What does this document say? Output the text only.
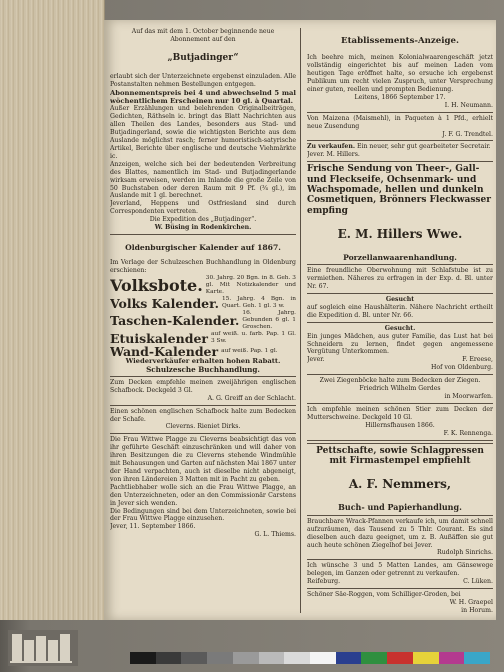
Auf das mit dem 1. October beginnende neue

Abonnement auf den

„Butjadinger“

erlaubt sich der Unterzeichnete ergebenst einzuladen. Alle Postanstalten nehmen Bestellungen entgegen.

Abonnementspreis bei 4 und abwechselnd 5 mal wöchentlichem Erscheinen nur 10 gl. à Quartal.

Außer Erzählungen und belehrenden Originalbeiträgen, Gedichten, Räthseln ic. bringt das Blatt Nachrichten aus allen Theilen des Landes, besonders aus Stad- und Butjadingerland, sowie die wichtigsten Berichte aus dem Auslande möglichst rasch; ferner humoristisch-satyrische Artikel, Berichte über englische und deutsche Viehmärkte ic.

Anzeigen, welche sich bei der bedeutenden Verbreitung des Blattes, namentlich im Stad- und Butjadingerlande wirksam erweisen, werden im Inlande die große Zeile von 50 Buchstaben oder deren Raum mit 9 Pf. (¾ gl.), im Auslande mit 1 gl. berechnet.

Jeverland, Heppens und Ostfriesland sind durch Correspondenten vertreten.

Die Expedition des „Butjadinger“.

W. Büsing in Rodenkirchen.

Oldenburgischer Kalender auf 1867.

Im Verlage der Schulzeschen Buchhandlung in Oldenburg erschienen:

Volksbote. 30. Jahrg. 20 Bgn. in 8. Geh. 3 gl. Mit Notizkalender und Karte.
Volks Kalender. 15. Jahrg. 4 Bgn. in Quart. Geh. 1 gl. 3 w.
Taschen-Kalender. 16. Jahrg. Gebunden 6 gl. 1 Groschen.
Etuiskalender auf weiß. u. farb. Pap. 1 Gl. 3 Sw.
Wand-Kalender auf weiß. Pap. 1 gl.

Wiederverkäufer erhalten hohen Rabatt.

Schulzesche Buchhandlung.

Zum Decken empfehle meinen zweijährigen englischen Schafbock. Deckgeld 3 Gl.

A. G. Greiff an der Schlacht.

Einen schönen englischen Schafbock halte zum Bedecken der Schafe.

Cleverns. Rieniet Dirks.

Die Frau Wittwe Plagge zu Cleverns beabsichtigt das von ihr geführte Geschäft einzuschränken und will daher von ihren Besitzungen die zu Cleverns stehende Windmühle mit Behausungen und Garten auf nächsten Mai 1867 unter der Hand verpachten, auch ist dieselbe nicht abgeneigt, von ihren Ländereien 3 Matten mit in Pacht zu geben.

Pachtliebhaber wolle sich an die Frau Wittwe Plagge, an den Unterzeichneten, oder an den Commissionär Carstens in Jever sich wenden.

Die Bedingungen sind bei dem Unterzeichneten, sowie bei der Frau Wittwe Plagge einzusehen.

Jever, 11. September 1866.

G. L. Thiems.

Etablissements-Anzeige.

Ich beehre mich, meinen Kolonialwaarengeschäft jetzt vollständig eingerichtet bis auf meinen Laden vom heutigen Tage eröffnet halte, so ersuche ich ergebenst Publikum um recht vielen Zuspruch, unter Versprechung einer guten, reellen und prompten Bedienung.

Leitens, 1866 September 17.

I. H. Neumann.

Von Maizena (Maismehl), in Paqueten à 1 Pfd., erhielt neue Zusendung

J. F. G. Trendtel.

Zu verkaufen. Ein neuer, sehr gut gearbeiteter Secretair.

Jever. M. Hillers.

Frische Sendung von Theer-, Gall- und Fleckseife, Ochsenmark- und Wachspomade, hellen und dunkeln Cosmetiquen, Brönners Fleckwasser empfing

E. M. Hillers Wwe.

Porzellanwaarenhandlung.

Eine freundliche Oberwohnung mit Schlafstube ist zu vermiethen. Näheres zu erfragen in der Exp. d. Bl. unter Nr. 67.

Gesucht

auf sogleich eine Haushälterin. Nähere Nachricht ertheilt die Expedition d. Bl. unter Nr. 66.

Gesucht.

Ein junges Mädchen, aus guter Familie, das Lust hat bei Schneidern zu lernen, findet gegen angemessene Vergütung Unterkommen.

Jever.	F. Ereese,

Hof von Oldenburg.

Zwei Ziegenböcke halte zum Bedecken der Ziegen.

Friedrich Wilhelm Gerdes

in Moorwarfen.

Ich empfehle meinen schönen Stier zum Decken der Mutterschweine. Deckgeld 10 Gl.

Hillernsfhausen 1866.

F. K. Rennenga.

Pettschafte, sowie Schlagpressen mit Firmastempel empfiehlt

A. F. Nemmers,

Buch- und Papierhandlung.

Brauchbare Wrack-Pfannen verkaufe ich, um damit schnell aufzuräumen, das Tausend zu 5 Thlr. Courant. Es sind dieselben auch dazu geeignet, um z. B. Außäffen sie gut auch heute schönen Ziegelhof bei Jever.

Rudolph Sinrichs.

Ich wünsche 3 und 5 Matten Landes, am Gänsewege belegen, im Ganzen oder getrennt zu verkaufen.

Reifeburg.	C. Lüken.

Schöner Säe-Roggen, vom Schilliger-Groden, bei

W. H. Graepel

in Horum.
